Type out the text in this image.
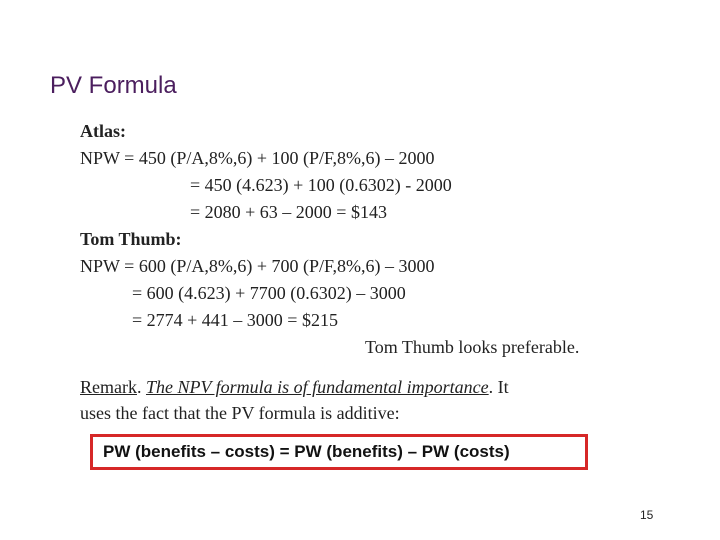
PV Formula
Atlas:
NPW = 450 (P/A,8%,6) + 100 (P/F,8%,6) – 2000
= 450 (4.623) + 100 (0.6302) - 2000
= 2080 + 63 – 2000 = $143
Tom Thumb:
NPW = 600 (P/A,8%,6) + 700 (P/F,8%,6) – 3000
= 600 (4.623) + 7700 (0.6302) – 3000
= 2774 + 441 – 3000 = $215
Tom Thumb looks preferable.
Remark. The NPV formula is of fundamental importance. It
uses the fact that the PV formula is additive:
PW (benefits – costs) = PW (benefits) – PW (costs)
15
